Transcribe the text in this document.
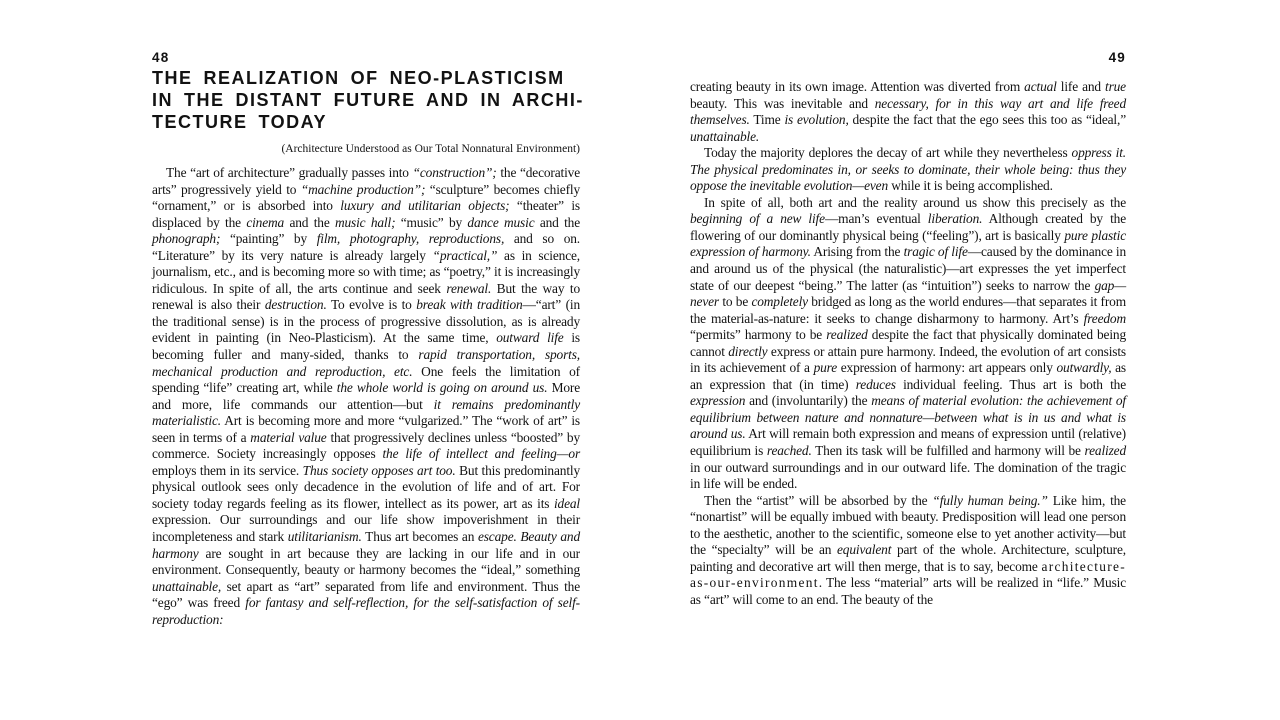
48
THE REALIZATION OF NEO-PLASTICISM
IN THE DISTANT FUTURE AND IN ARCHI-
TECTURE TODAY
(Architecture Understood as Our Total Nonnatural Environment)

The “art of architecture” gradually passes into “construction”; the “decorative arts” progressively yield to “machine production”; “sculpture” becomes chiefly “ornament,” or is absorbed into luxury and utilitarian objects; “theater” is displaced by the cinema and the music hall; “music” by dance music and the phonograph; “painting” by film, photography, reproductions, and so on. “Literature” by its very nature is already largely “practical,” as in science, journalism, etc., and is becoming more so with time; as “poetry,” it is increasingly ridiculous. In spite of all, the arts continue and seek renewal. But the way to renewal is also their destruction. To evolve is to break with tradition—“art” (in the traditional sense) is in the process of progressive dissolution, as is already evident in painting (in Neo-Plasticism). At the same time, outward life is becoming fuller and many-sided, thanks to rapid transportation, sports, mechanical production and reproduction, etc. One feels the limitation of spending “life” creating art, while the whole world is going on around us. More and more, life commands our attention—but it remains predominantly materialistic. Art is becoming more and more “vulgarized.” The “work of art” is seen in terms of a material value that progressively declines unless “boosted” by commerce. Society increasingly opposes the life of intellect and feeling—or employs them in its service. Thus society opposes art too. But this predominantly physical outlook sees only decadence in the evolution of life and of art. For society today regards feeling as its flower, intellect as its power, art as its ideal expression. Our surroundings and our life show impoverishment in their incompleteness and stark utilitarianism. Thus art becomes an escape. Beauty and harmony are sought in art because they are lacking in our life and in our environment. Consequently, beauty or harmony becomes the “ideal,” something unattainable, set apart as “art” separated from life and environment. Thus the “ego” was freed for fantasy and self-reflection, for the self-satisfaction of self-reproduction:

49

creating beauty in its own image. Attention was diverted from actual life and true beauty. This was inevitable and necessary, for in this way art and life freed themselves. Time is evolution, despite the fact that the ego sees this too as “ideal,” unattainable.

Today the majority deplores the decay of art while they nevertheless oppress it. The physical predominates in, or seeks to dominate, their whole being: thus they oppose the inevitable evolution—even while it is being accomplished.

In spite of all, both art and the reality around us show this precisely as the beginning of a new life—man’s eventual liberation. Although created by the flowering of our dominantly physical being (“feeling”), art is basically pure plastic expression of harmony. Arising from the tragic of life—caused by the dominance in and around us of the physical (the naturalistic)—art expresses the yet imperfect state of our deepest “being.” The latter (as “intuition”) seeks to narrow the gap—never to be completely bridged as long as the world endures—that separates it from the material-as-nature: it seeks to change disharmony to harmony. Art’s freedom “permits” harmony to be realized despite the fact that physically dominated being cannot directly express or attain pure harmony. Indeed, the evolution of art consists in its achievement of a pure expression of harmony: art appears only outwardly, as an expression that (in time) reduces individual feeling. Thus art is both the expression and (involuntarily) the means of material evolution: the achievement of equilibrium between nature and nonnature—between what is in us and what is around us. Art will remain both expression and means of expression until (relative) equilibrium is reached. Then its task will be fulfilled and harmony will be realized in our outward surroundings and in our outward life. The domination of the tragic in life will be ended.

Then the “artist” will be absorbed by the “fully human being.” Like him, the “nonartist” will be equally imbued with beauty. Predisposition will lead one person to the aesthetic, another to the scientific, someone else to yet another activity—but the “specialty” will be an equivalent part of the whole. Architecture, sculpture, painting and decorative art will then merge, that is to say, become architecture-as-our-environment. The less “material” arts will be realized in “life.” Music as “art” will come to an end. The beauty of the
